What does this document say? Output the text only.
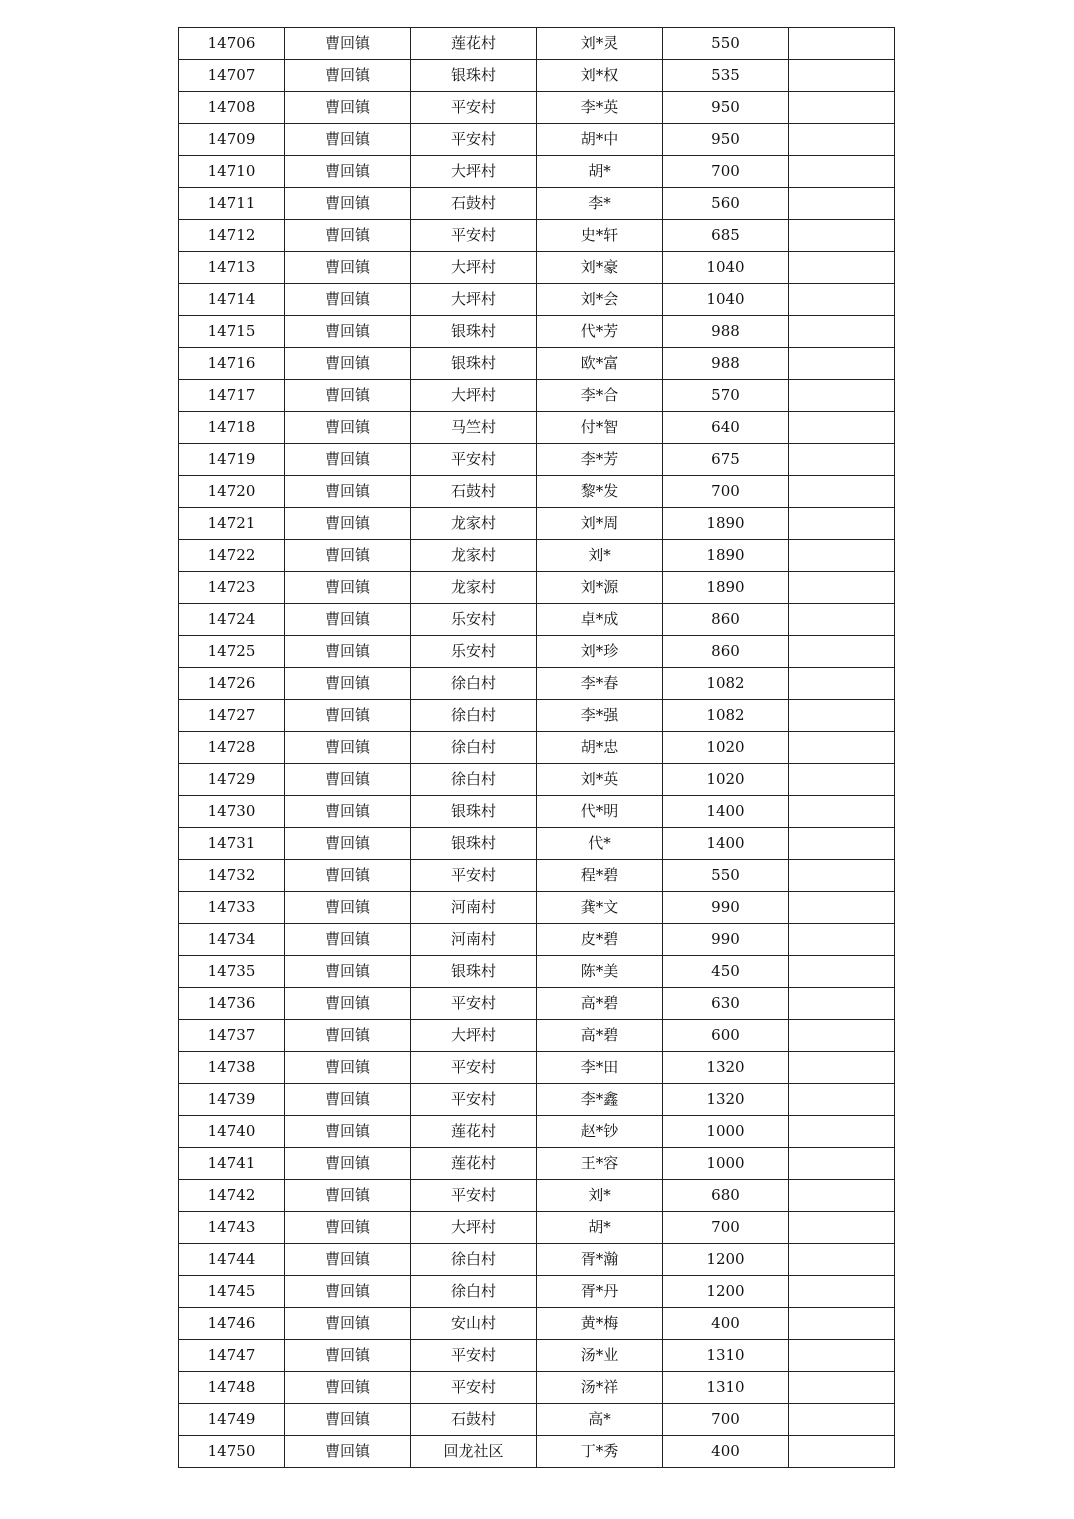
14706	曹回镇	莲花村	刘*灵	550	
14707	曹回镇	银珠村	刘*权	535	
14708	曹回镇	平安村	李*英	950	
14709	曹回镇	平安村	胡*中	950	
14710	曹回镇	大坪村	胡*	700	
14711	曹回镇	石鼓村	李*	560	
14712	曹回镇	平安村	史*轩	685	
14713	曹回镇	大坪村	刘*豪	1040	
14714	曹回镇	大坪村	刘*会	1040	
14715	曹回镇	银珠村	代*芳	988	
14716	曹回镇	银珠村	欧*富	988	
14717	曹回镇	大坪村	李*合	570	
14718	曹回镇	马竺村	付*智	640	
14719	曹回镇	平安村	李*芳	675	
14720	曹回镇	石鼓村	黎*发	700	
14721	曹回镇	龙家村	刘*周	1890	
14722	曹回镇	龙家村	刘*	1890	
14723	曹回镇	龙家村	刘*源	1890	
14724	曹回镇	乐安村	卓*成	860	
14725	曹回镇	乐安村	刘*珍	860	
14726	曹回镇	徐白村	李*春	1082	
14727	曹回镇	徐白村	李*强	1082	
14728	曹回镇	徐白村	胡*忠	1020	
14729	曹回镇	徐白村	刘*英	1020	
14730	曹回镇	银珠村	代*明	1400	
14731	曹回镇	银珠村	代*	1400	
14732	曹回镇	平安村	程*碧	550	
14733	曹回镇	河南村	龚*文	990	
14734	曹回镇	河南村	皮*碧	990	
14735	曹回镇	银珠村	陈*美	450	
14736	曹回镇	平安村	高*碧	630	
14737	曹回镇	大坪村	高*碧	600	
14738	曹回镇	平安村	李*田	1320	
14739	曹回镇	平安村	李*鑫	1320	
14740	曹回镇	莲花村	赵*钞	1000	
14741	曹回镇	莲花村	王*容	1000	
14742	曹回镇	平安村	刘*	680	
14743	曹回镇	大坪村	胡*	700	
14744	曹回镇	徐白村	胥*瀚	1200	
14745	曹回镇	徐白村	胥*丹	1200	
14746	曹回镇	安山村	黄*梅	400	
14747	曹回镇	平安村	汤*业	1310	
14748	曹回镇	平安村	汤*祥	1310	
14749	曹回镇	石鼓村	高*	700	
14750	曹回镇	回龙社区	丁*秀	400	
